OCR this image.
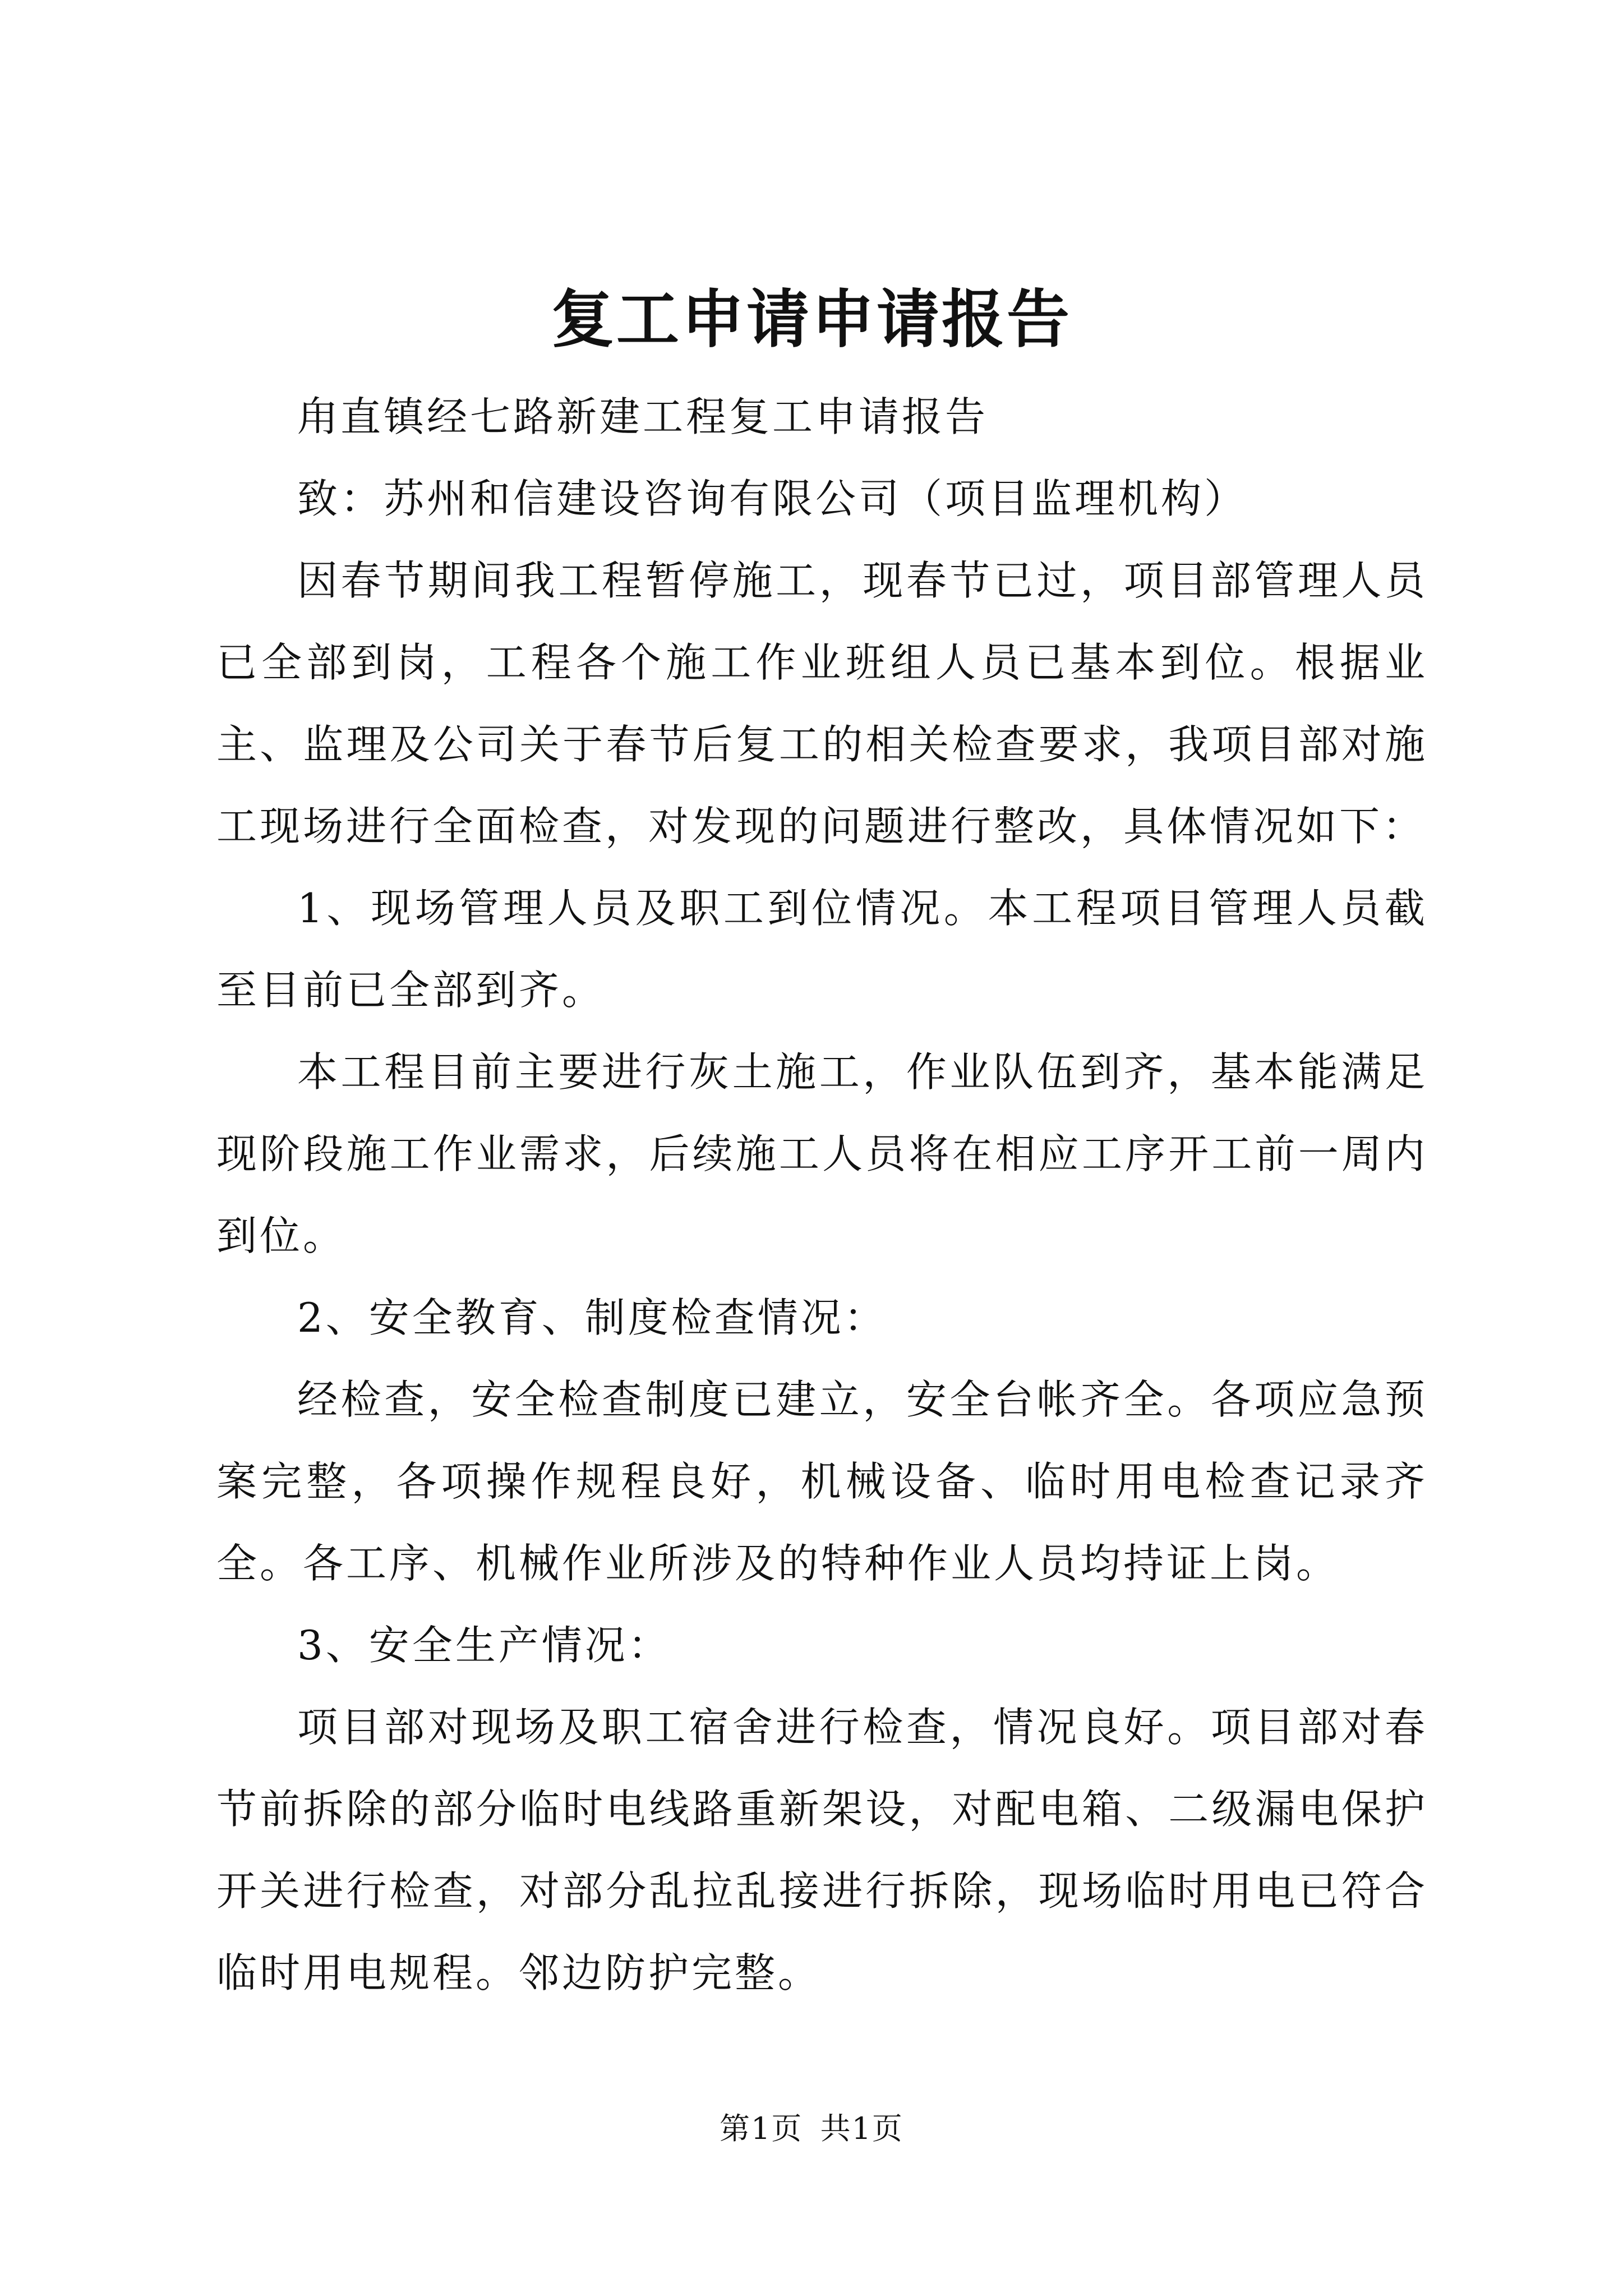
复工申请申请报告

甪直镇经七路新建工程复工申请报告

致：苏州和信建设咨询有限公司（项目监理机构）

因春节期间我工程暂停施工，现春节已过，项目部管理人员已全部到岗，工程各个施工作业班组人员已基本到位。根据业主、监理及公司关于春节后复工的相关检查要求，我项目部对施工现场进行全面检查，对发现的问题进行整改，具体情况如下：

1、现场管理人员及职工到位情况。本工程项目管理人员截至目前已全部到齐。

本工程目前主要进行灰土施工，作业队伍到齐，基本能满足现阶段施工作业需求，后续施工人员将在相应工序开工前一周内到位。

2、安全教育、制度检查情况：

经检查，安全检查制度已建立，安全台帐齐全。各项应急预案完整，各项操作规程良好，机械设备、临时用电检查记录齐全。各工序、机械作业所涉及的特种作业人员均持证上岗。

3、安全生产情况：

项目部对现场及职工宿舍进行检查，情况良好。项目部对春节前拆除的部分临时电线路重新架设，对配电箱、二级漏电保护开关进行检查，对部分乱拉乱接进行拆除，现场临时用电已符合临时用电规程。邻边防护完整。

第1页 共1页
